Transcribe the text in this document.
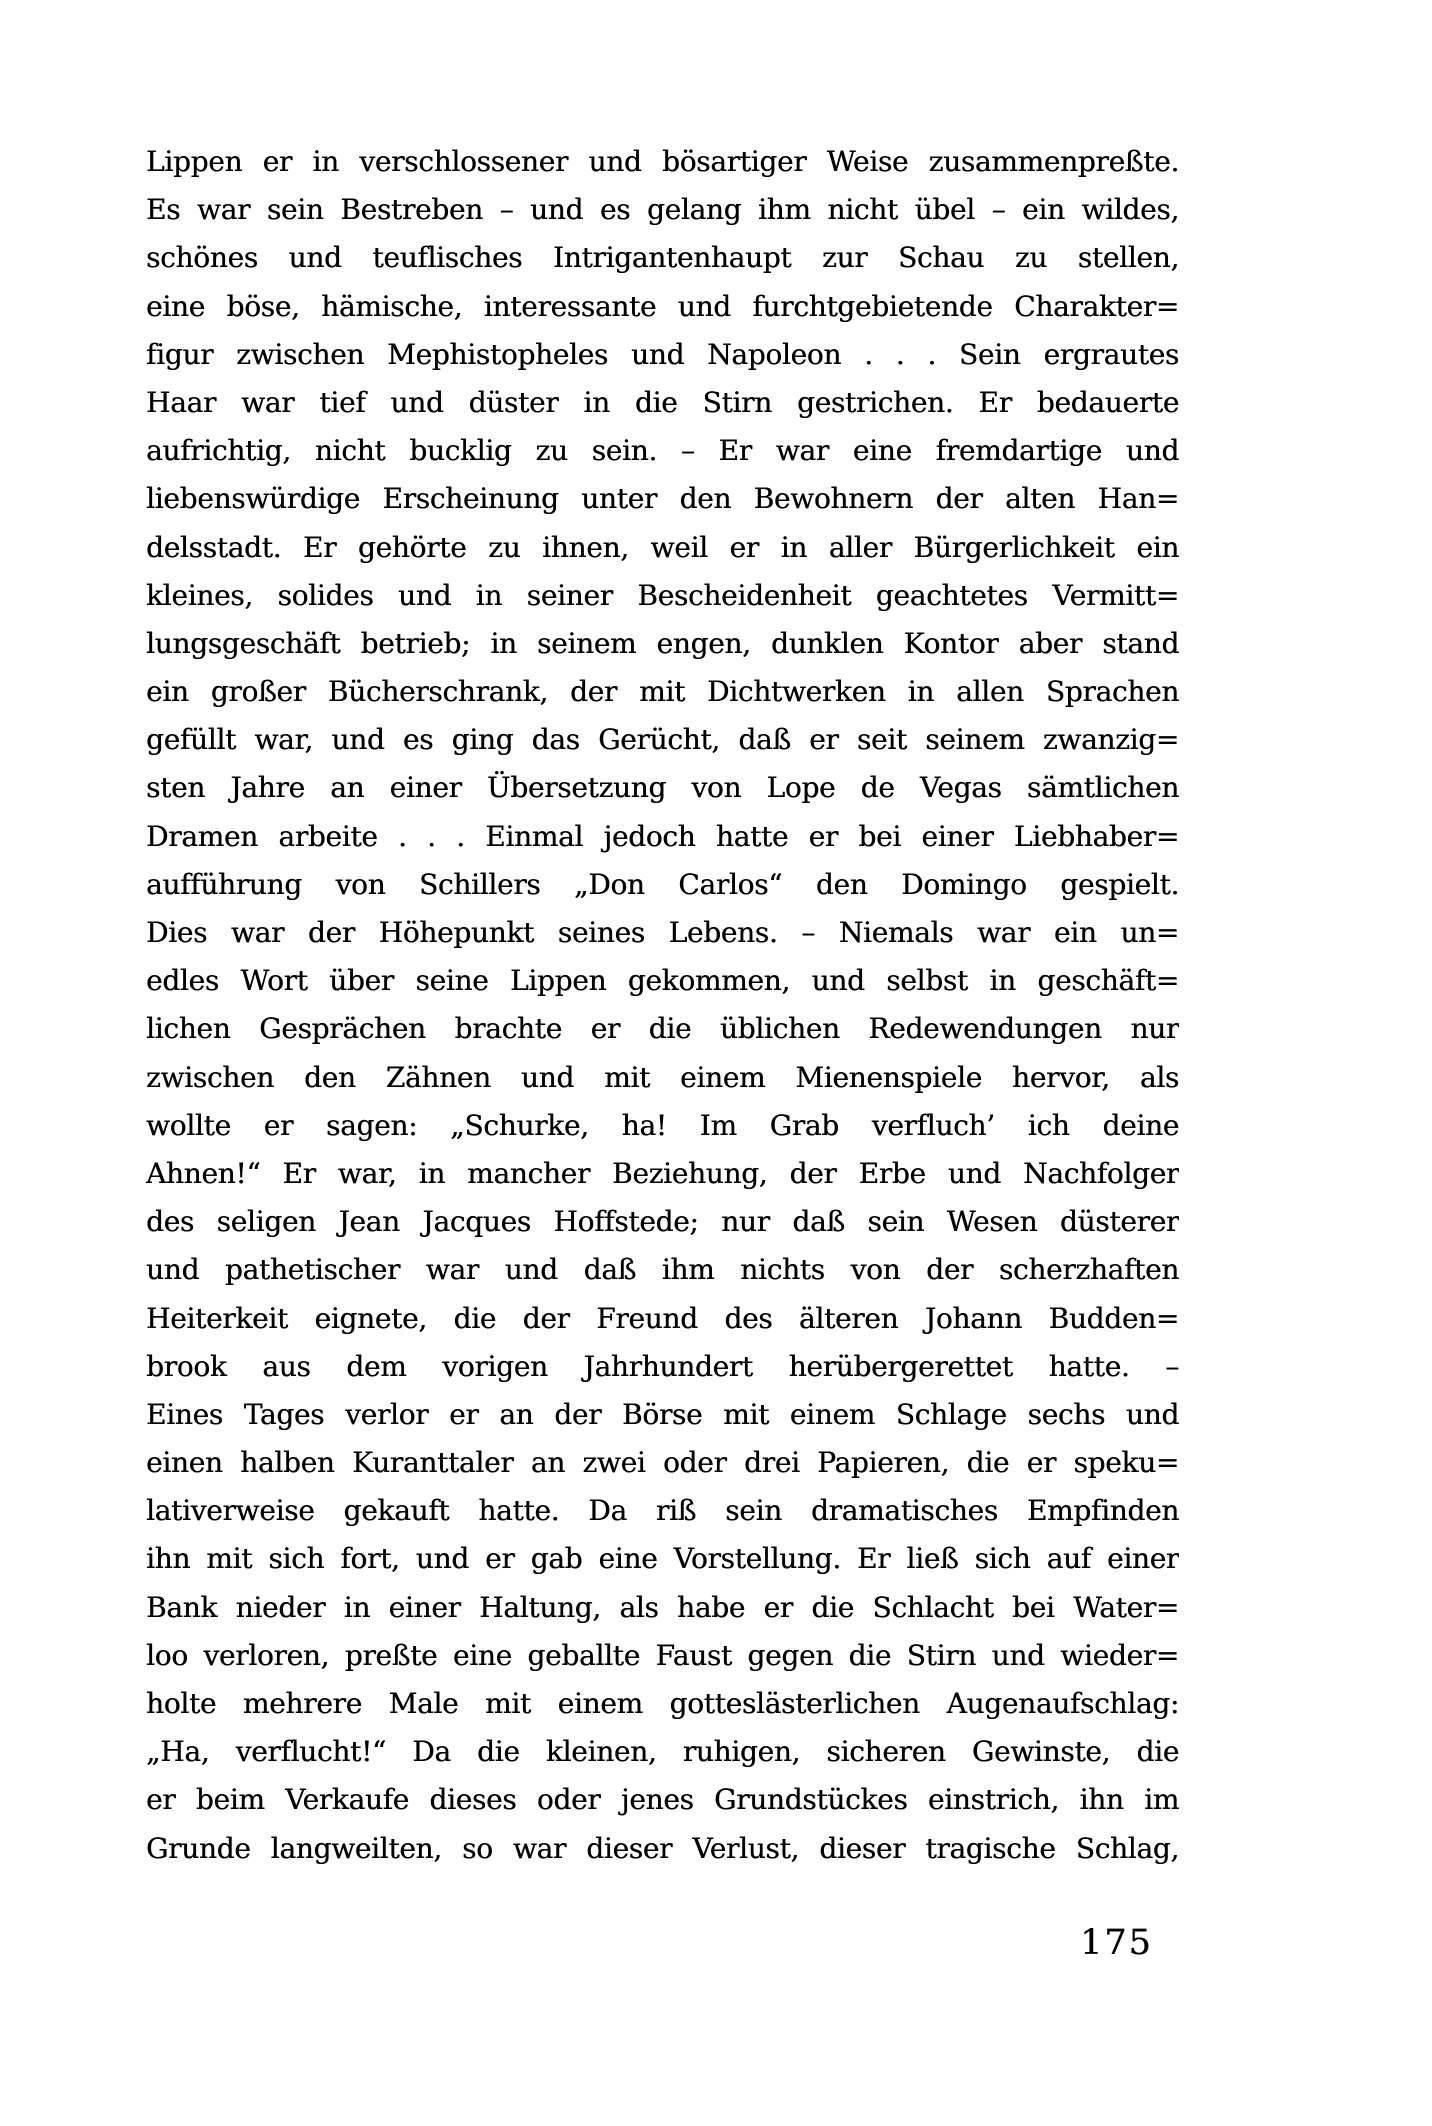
Lippen er in verschlossener und bösartiger Weise zusammenpreßte.
Es war sein Bestreben – und es gelang ihm nicht übel – ein wildes,
schönes und teuflisches Intrigantenhaupt zur Schau zu stellen,
eine böse, hämische, interessante und furchtgebietende Charakter=
figur zwischen Mephistopheles und Napoleon . . . Sein ergrautes
Haar war tief und düster in die Stirn gestrichen. Er bedauerte
aufrichtig, nicht bucklig zu sein. – Er war eine fremdartige und
liebenswürdige Erscheinung unter den Bewohnern der alten Han=
delsstadt. Er gehörte zu ihnen, weil er in aller Bürgerlichkeit ein
kleines, solides und in seiner Bescheidenheit geachtetes Vermitt=
lungsgeschäft betrieb; in seinem engen, dunklen Kontor aber stand
ein großer Bücherschrank, der mit Dichtwerken in allen Sprachen
gefüllt war, und es ging das Gerücht, daß er seit seinem zwanzig=
sten Jahre an einer Übersetzung von Lope de Vegas sämtlichen
Dramen arbeite . . . Einmal jedoch hatte er bei einer Liebhaber=
aufführung von Schillers „Don Carlos“ den Domingo gespielt.
Dies war der Höhepunkt seines Lebens. – Niemals war ein un=
edles Wort über seine Lippen gekommen, und selbst in geschäft=
lichen Gesprächen brachte er die üblichen Redewendungen nur
zwischen den Zähnen und mit einem Mienenspiele hervor, als
wollte er sagen: „Schurke, ha! Im Grab verfluch’ ich deine
Ahnen!“ Er war, in mancher Beziehung, der Erbe und Nachfolger
des seligen Jean Jacques Hoffstede; nur daß sein Wesen düsterer
und pathetischer war und daß ihm nichts von der scherzhaften
Heiterkeit eignete, die der Freund des älteren Johann Budden=
brook aus dem vorigen Jahrhundert herübergerettet hatte. –
Eines Tages verlor er an der Börse mit einem Schlage sechs und
einen halben Kuranttaler an zwei oder drei Papieren, die er speku=
lativerweise gekauft hatte. Da riß sein dramatisches Empfinden
ihn mit sich fort, und er gab eine Vorstellung. Er ließ sich auf einer
Bank nieder in einer Haltung, als habe er die Schlacht bei Water=
loo verloren, preßte eine geballte Faust gegen die Stirn und wieder=
holte mehrere Male mit einem gotteslästerlichen Augenaufschlag:
„Ha, verflucht!“ Da die kleinen, ruhigen, sicheren Gewinste, die
er beim Verkaufe dieses oder jenes Grundstückes einstrich, ihn im
Grunde langweilten, so war dieser Verlust, dieser tragische Schlag,
175
